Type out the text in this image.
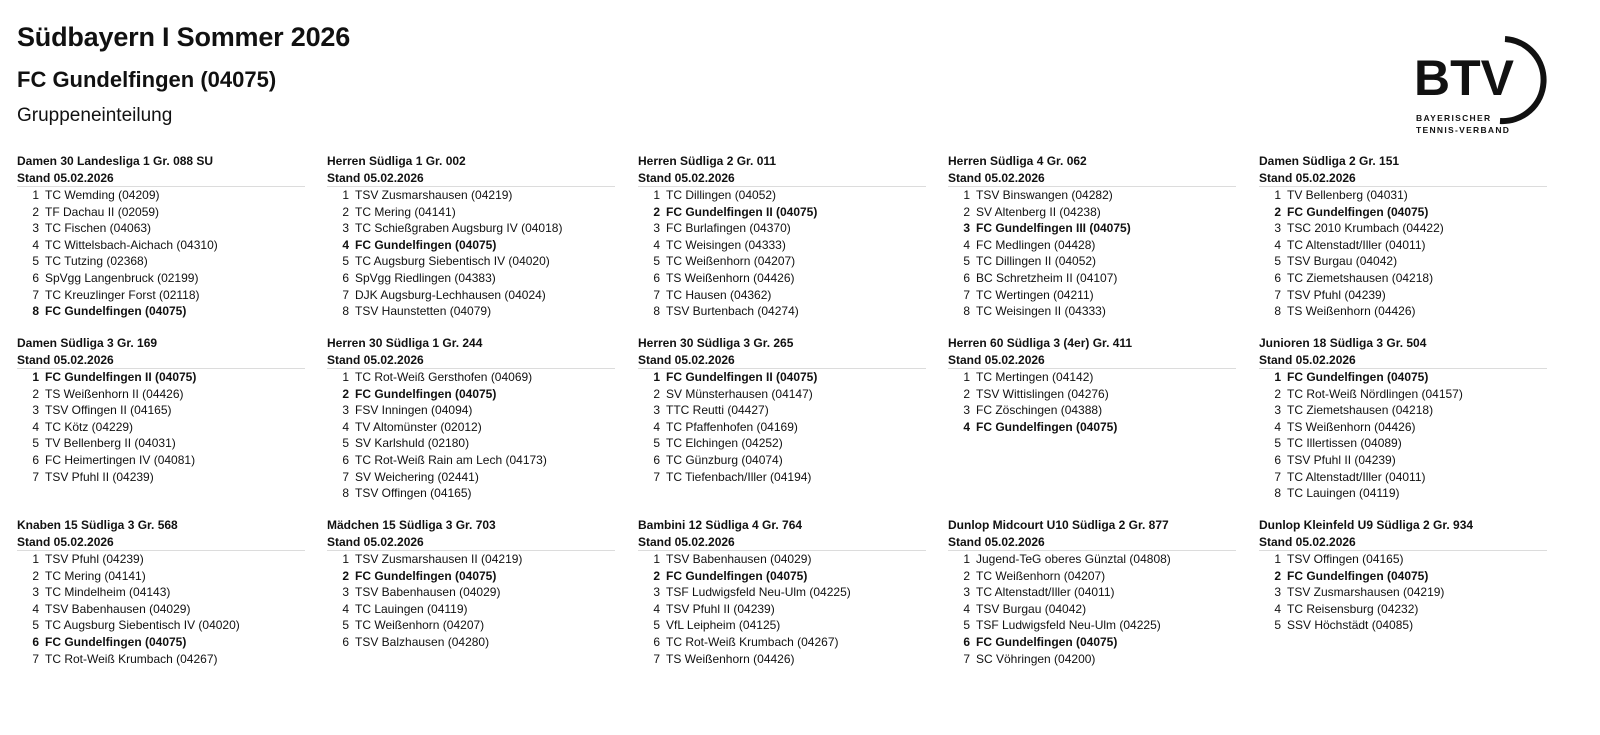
Südbayern I Sommer 2026
FC Gundelfingen (04075)
Gruppeneinteilung
BTV
BAYERISCHER
TENNIS-VERBAND
Damen 30 Landesliga 1 Gr. 088 SU
Stand 05.02.2026
1 TC Wemding (04209)
2 TF Dachau II (02059)
3 TC Fischen (04063)
4 TC Wittelsbach-Aichach (04310)
5 TC Tutzing (02368)
6 SpVgg Langenbruck (02199)
7 TC Kreuzlinger Forst (02118)
8 FC Gundelfingen (04075)
Herren Südliga 1 Gr. 002
Stand 05.02.2026
1 TSV Zusmarshausen (04219)
2 TC Mering (04141)
3 TC Schießgraben Augsburg IV (04018)
4 FC Gundelfingen (04075)
5 TC Augsburg Siebentisch IV (04020)
6 SpVgg Riedlingen (04383)
7 DJK Augsburg-Lechhausen (04024)
8 TSV Haunstetten (04079)
Herren Südliga 2 Gr. 011
Stand 05.02.2026
1 TC Dillingen (04052)
2 FC Gundelfingen II (04075)
3 FC Burlafingen (04370)
4 TC Weisingen (04333)
5 TC Weißenhorn (04207)
6 TS Weißenhorn (04426)
7 TC Hausen (04362)
8 TSV Burtenbach (04274)
Herren Südliga 4 Gr. 062
Stand 05.02.2026
1 TSV Binswangen (04282)
2 SV Altenberg II (04238)
3 FC Gundelfingen III (04075)
4 FC Medlingen (04428)
5 TC Dillingen II (04052)
6 BC Schretzheim II (04107)
7 TC Wertingen (04211)
8 TC Weisingen II (04333)
Damen Südliga 2 Gr. 151
Stand 05.02.2026
1 TV Bellenberg (04031)
2 FC Gundelfingen (04075)
3 TSC 2010 Krumbach (04422)
4 TC Altenstadt/Iller (04011)
5 TSV Burgau (04042)
6 TC Ziemetshausen (04218)
7 TSV Pfuhl (04239)
8 TS Weißenhorn (04426)
Damen Südliga 3 Gr. 169
Stand 05.02.2026
1 FC Gundelfingen II (04075)
2 TS Weißenhorn II (04426)
3 TSV Offingen II (04165)
4 TC Kötz (04229)
5 TV Bellenberg II (04031)
6 FC Heimertingen IV (04081)
7 TSV Pfuhl II (04239)
Herren 30 Südliga 1 Gr. 244
Stand 05.02.2026
1 TC Rot-Weiß Gersthofen (04069)
2 FC Gundelfingen (04075)
3 FSV Inningen (04094)
4 TV Altomünster (02012)
5 SV Karlshuld (02180)
6 TC Rot-Weiß Rain am Lech (04173)
7 SV Weichering (02441)
8 TSV Offingen (04165)
Herren 30 Südliga 3 Gr. 265
Stand 05.02.2026
1 FC Gundelfingen II (04075)
2 SV Münsterhausen (04147)
3 TTC Reutti (04427)
4 TC Pfaffenhofen (04169)
5 TC Elchingen (04252)
6 TC Günzburg (04074)
7 TC Tiefenbach/Iller (04194)
Herren 60 Südliga 3 (4er) Gr. 411
Stand 05.02.2026
1 TC Mertingen (04142)
2 TSV Wittislingen (04276)
3 FC Zöschingen (04388)
4 FC Gundelfingen (04075)
Junioren 18 Südliga 3 Gr. 504
Stand 05.02.2026
1 FC Gundelfingen (04075)
2 TC Rot-Weiß Nördlingen (04157)
3 TC Ziemetshausen (04218)
4 TS Weißenhorn (04426)
5 TC Illertissen (04089)
6 TSV Pfuhl II (04239)
7 TC Altenstadt/Iller (04011)
8 TC Lauingen (04119)
Knaben 15 Südliga 3 Gr. 568
Stand 05.02.2026
1 TSV Pfuhl (04239)
2 TC Mering (04141)
3 TC Mindelheim (04143)
4 TSV Babenhausen (04029)
5 TC Augsburg Siebentisch IV (04020)
6 FC Gundelfingen (04075)
7 TC Rot-Weiß Krumbach (04267)
Mädchen 15 Südliga 3 Gr. 703
Stand 05.02.2026
1 TSV Zusmarshausen II (04219)
2 FC Gundelfingen (04075)
3 TSV Babenhausen (04029)
4 TC Lauingen (04119)
5 TC Weißenhorn (04207)
6 TSV Balzhausen (04280)
Bambini 12 Südliga 4 Gr. 764
Stand 05.02.2026
1 TSV Babenhausen (04029)
2 FC Gundelfingen (04075)
3 TSF Ludwigsfeld Neu-Ulm (04225)
4 TSV Pfuhl II (04239)
5 VfL Leipheim (04125)
6 TC Rot-Weiß Krumbach (04267)
7 TS Weißenhorn (04426)
Dunlop Midcourt U10 Südliga 2 Gr. 877
Stand 05.02.2026
1 Jugend-TeG oberes Günztal (04808)
2 TC Weißenhorn (04207)
3 TC Altenstadt/Iller (04011)
4 TSV Burgau (04042)
5 TSF Ludwigsfeld Neu-Ulm (04225)
6 FC Gundelfingen (04075)
7 SC Vöhringen (04200)
Dunlop Kleinfeld U9 Südliga 2 Gr. 934
Stand 05.02.2026
1 TSV Offingen (04165)
2 FC Gundelfingen (04075)
3 TSV Zusmarshausen (04219)
4 TC Reisensburg (04232)
5 SSV Höchstädt (04085)
